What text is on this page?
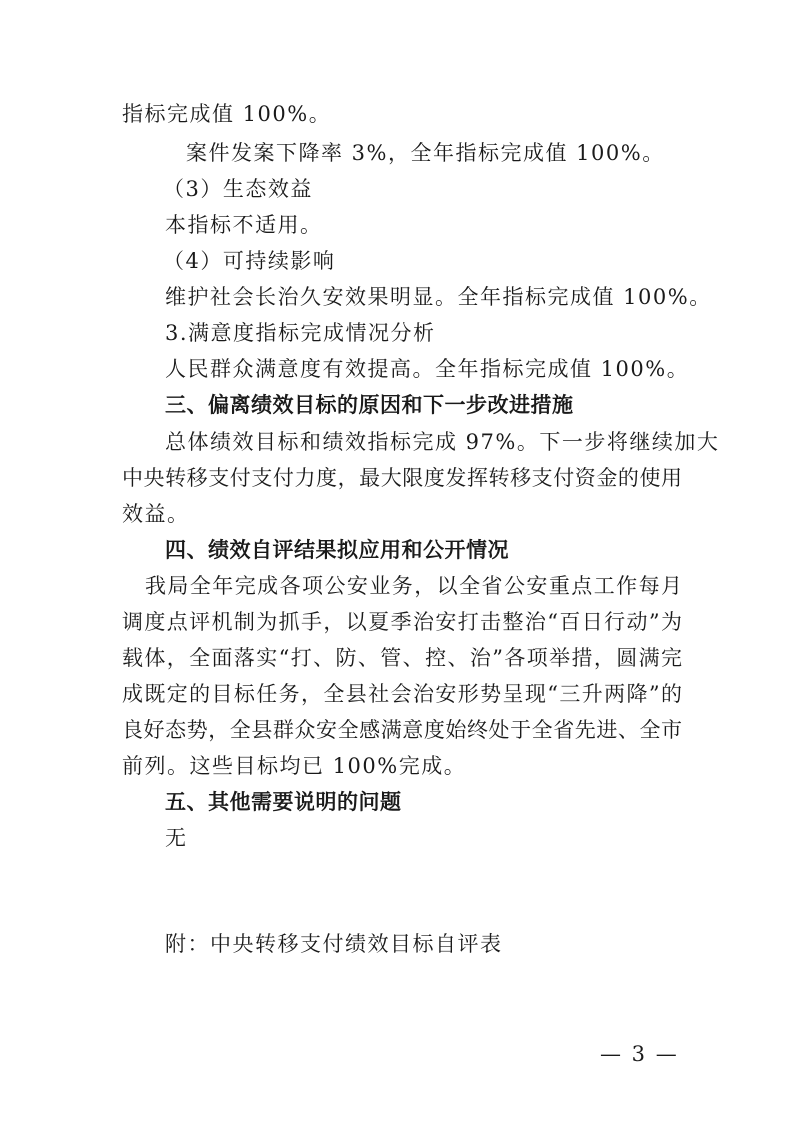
指标完成值 100%。
案件发案下降率 3%，全年指标完成值 100%。
（3）生态效益
本指标不适用。
（4）可持续影响
维护社会长治久安效果明显。全年指标完成值 100%。
3.满意度指标完成情况分析
人民群众满意度有效提高。全年指标完成值 100%。
三、偏离绩效目标的原因和下一步改进措施
总体绩效目标和绩效指标完成 97%。下一步将继续加大
中央转移支付支付力度，最大限度发挥转移支付资金的使用
效益。
四、绩效自评结果拟应用和公开情况
我局全年完成各项公安业务，以全省公安重点工作每月
调度点评机制为抓手，以夏季治安打击整治“百日行动”为
载体，全面落实“打、防、管、控、治”各项举措，圆满完
成既定的目标任务，全县社会治安形势呈现“三升两降”的
良好态势，全县群众安全感满意度始终处于全省先进、全市
前列。这些目标均已 100%完成。
五、其他需要说明的问题
无
附：中央转移支付绩效目标自评表
— 3 —
